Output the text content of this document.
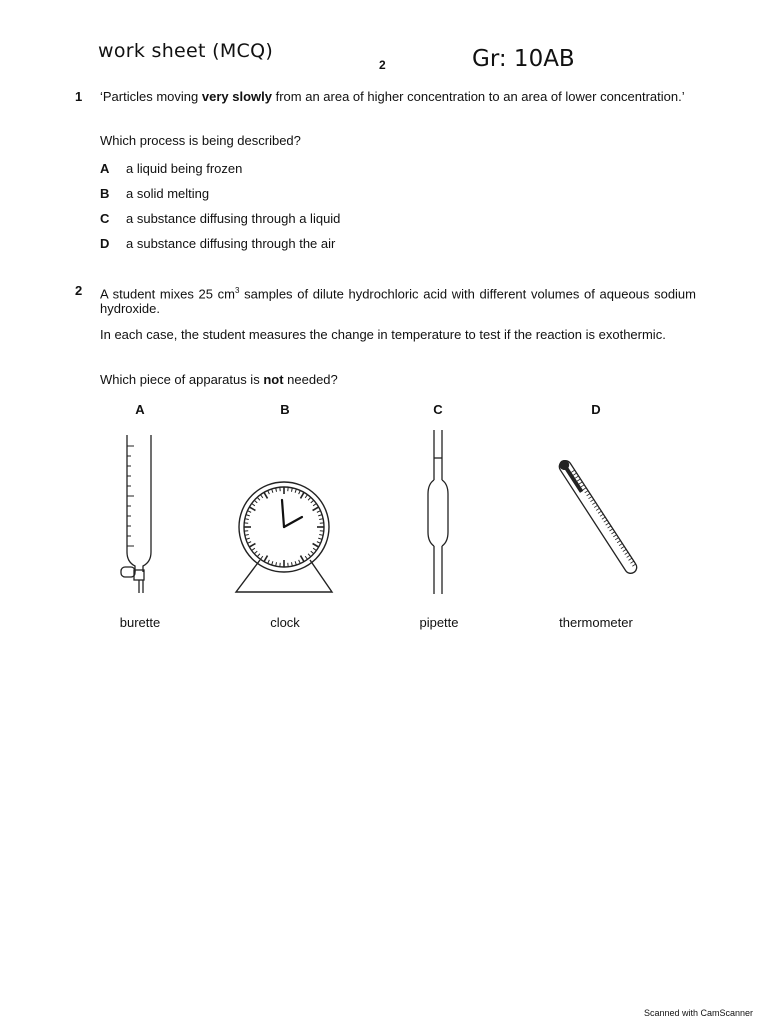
work sheet (MCQ)
2	Gr: 10AB
1 ‘Particles moving very slowly from an area of higher concentration to an area of lower concentration.’
Which process is being described?
A a liquid being frozen
B a solid melting
C a substance diffusing through a liquid
D a substance diffusing through the air
2 A student mixes 25 $cm^3$ samples of dilute hydrochloric acid with different volumes of aqueous sodium hydroxide.
In each case, the student measures the change in temperature to test if the reaction is exothermic.
Which piece of apparatus is not needed?
A	B	C	D
burette	clock	pipette	thermometer
Scanned with CamScanner
